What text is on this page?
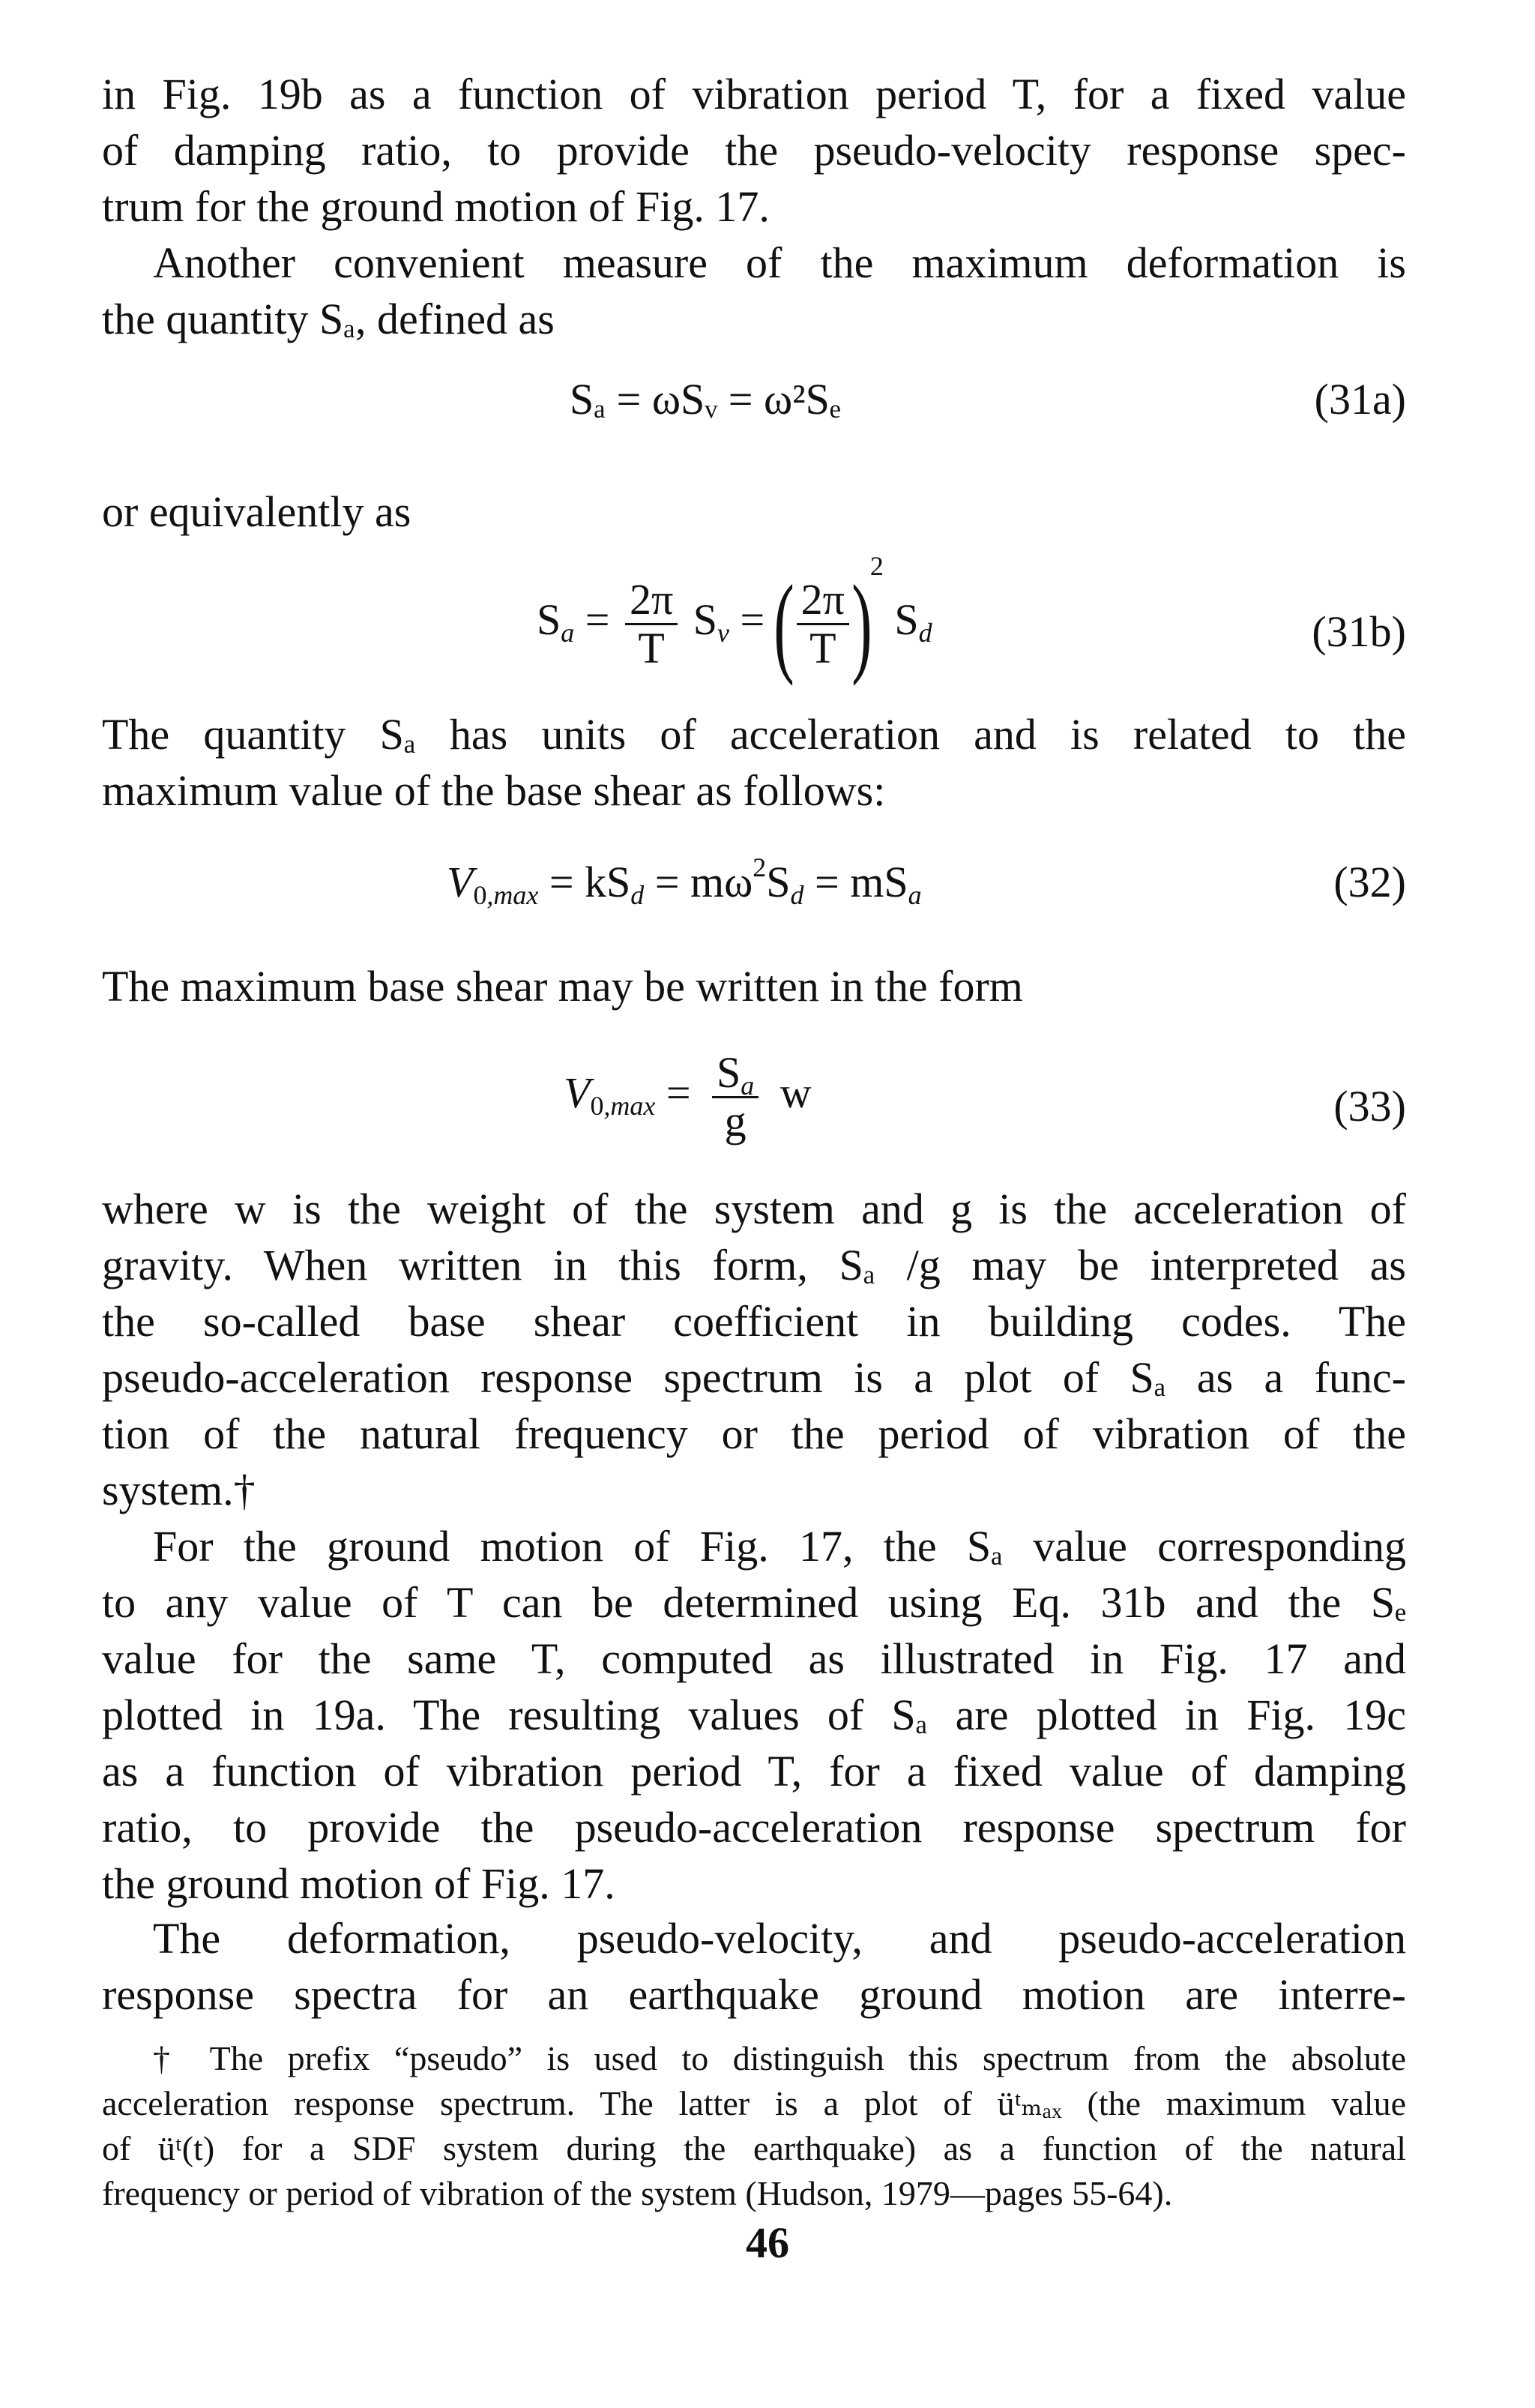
in Fig. 19b as a function of vibration period T, for a fixed value
of damping ratio, to provide the pseudo-velocity response spec-
trum for the ground motion of Fig. 17.

Another convenient measure of the maximum deformation is
the quantity Sₐ, defined as

Sₐ = ωSᵥ = ω²Sₑ	(31a)

or equivalently as

$S_a = \frac{2\pi}{T} S_v$ = ( $\frac{2\pi}{T} )^2$ $S_d$	(31b)

The quantity Sₐ has units of acceleration and is related to the
maximum value of the base shear as follows:

$V_{0,max} = kS_d = m\omega^2S_d = mS_a$	(32)

The maximum base shear may be written in the form

$V_{0,max} = \frac{S_a}{g}$ w	(33)

where w is the weight of the system and g is the acceleration of
gravity. When written in this form, Sₐ /g may be interpreted as
the so-called base shear coefficient in building codes. The
pseudo-acceleration response spectrum is a plot of Sₐ as a func-
tion of the natural frequency or the period of vibration of the
system.†

For the ground motion of Fig. 17, the Sₐ value corresponding
to any value of T can be determined using Eq. 31b and the Sₑ
value for the same T, computed as illustrated in Fig. 17 and
plotted in 19a. The resulting values of Sₐ are plotted in Fig. 19c
as a function of vibration period T, for a fixed value of damping
ratio, to provide the pseudo-acceleration response spectrum for
the ground motion of Fig. 17.

The deformation, pseudo-velocity, and pseudo-acceleration
response spectra for an earthquake ground motion are interre-

† The prefix “pseudo” is used to distinguish this spectrum from the absolute
acceleration response spectrum. The latter is a plot of üᵗₘₐₓ (the maximum value
of üᵗ(t) for a SDF system during the earthquake) as a function of the natural
frequency or period of vibration of the system (Hudson, 1979—pages 55-64).

46
